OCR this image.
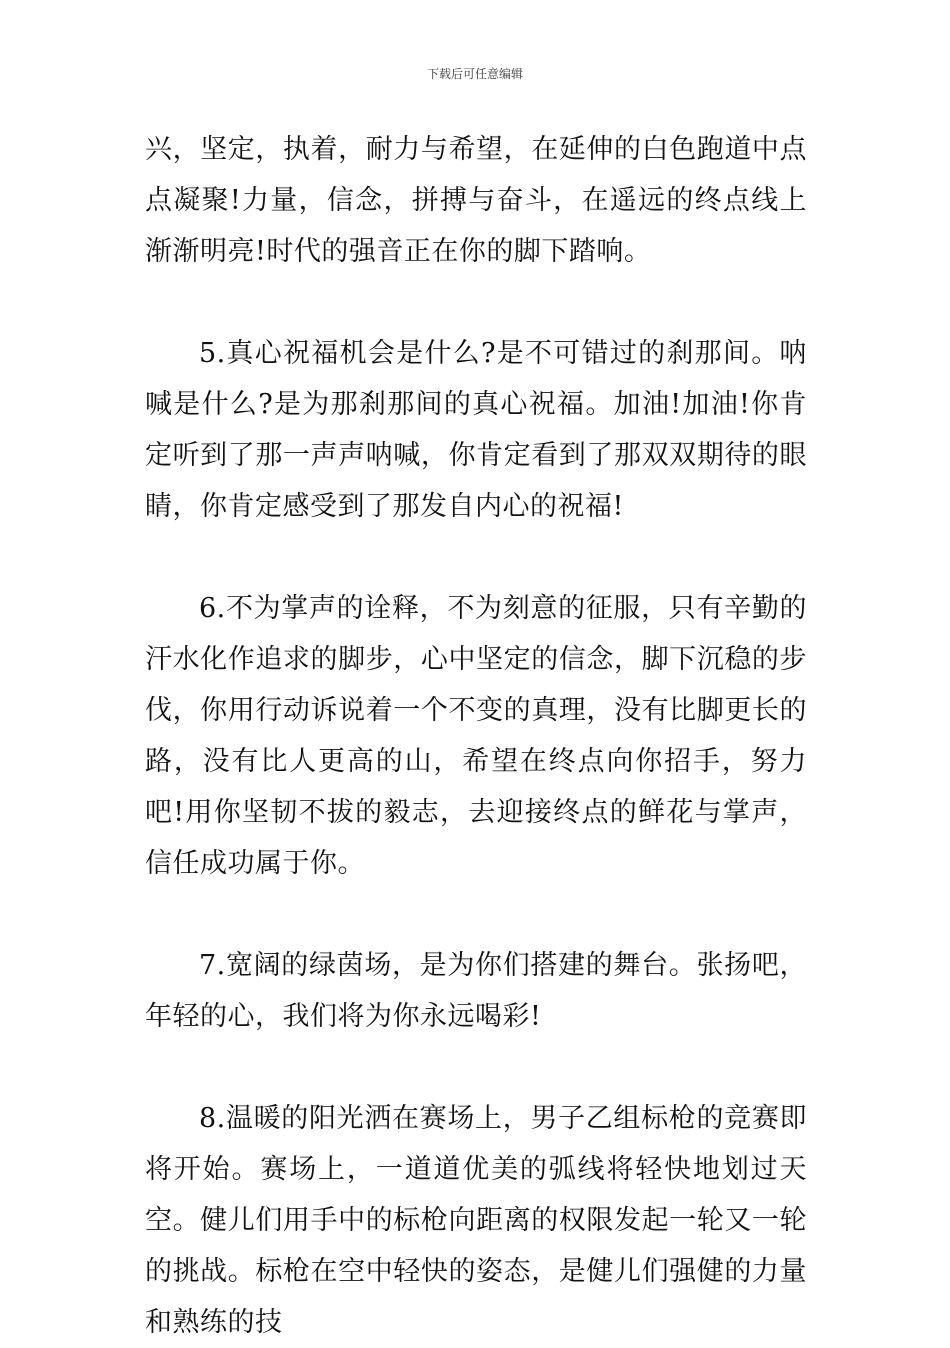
下载后可任意编辑

兴，坚定，执着，耐力与希望，在延伸的白色跑道中点点凝聚!力量，信念，拼搏与奋斗，在遥远的终点线上渐渐明亮!时代的强音正在你的脚下踏响。

5.真心祝福机会是什么?是不可错过的刹那间。呐喊是什么?是为那刹那间的真心祝福。加油!加油!你肯定听到了那一声声呐喊，你肯定看到了那双双期待的眼睛，你肯定感受到了那发自内心的祝福!

6.不为掌声的诠释，不为刻意的征服，只有辛勤的汗水化作追求的脚步，心中坚定的信念，脚下沉稳的步伐，你用行动诉说着一个不变的真理，没有比脚更长的路，没有比人更高的山，希望在终点向你招手，努力吧!用你坚韧不拔的毅志，去迎接终点的鲜花与掌声，信任成功属于你。

7.宽阔的绿茵场，是为你们搭建的舞台。张扬吧，年轻的心，我们将为你永远喝彩!

8.温暖的阳光洒在赛场上，男子乙组标枪的竞赛即将开始。赛场上，一道道优美的弧线将轻快地划过天空。健儿们用手中的标枪向距离的权限发起一轮又一轮的挑战。标枪在空中轻快的姿态，是健儿们强健的力量和熟练的技
